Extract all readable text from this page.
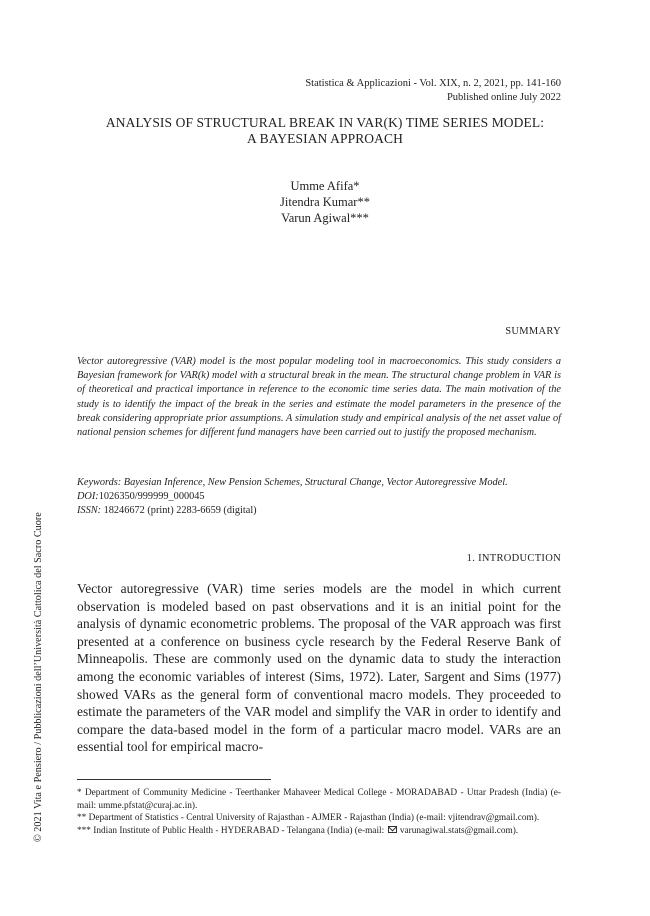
Statistica & Applicazioni - Vol. XIX, n. 2, 2021, pp. 141-160
Published online July 2022
ANALYSIS OF STRUCTURAL BREAK IN VAR(K) TIME SERIES MODEL:
A BAYESIAN APPROACH
Umme Afifa*
Jitendra Kumar**
Varun Agiwal***
SUMMARY
Vector autoregressive (VAR) model is the most popular modeling tool in macroeconomics. This study considers a Bayesian framework for VAR(k) model with a structural break in the mean. The structural change problem in VAR is of theoretical and practical importance in reference to the economic time series data. The main motivation of the study is to identify the impact of the break in the series and estimate the model parameters in the presence of the break considering appropriate prior assumptions. A simulation study and empirical analysis of the net asset value of national pension schemes for different fund managers have been carried out to justify the proposed mechanism.
Keywords: Bayesian Inference, New Pension Schemes, Structural Change, Vector Autoregressive Model.
DOI:1026350/999999_000045
ISSN: 18246672 (print) 2283-6659 (digital)
1. INTRODUCTION
Vector autoregressive (VAR) time series models are the model in which current observation is modeled based on past observations and it is an initial point for the analysis of dynamic econometric problems. The proposal of the VAR approach was first presented at a conference on business cycle research by the Federal Reserve Bank of Minneapolis. These are commonly used on the dynamic data to study the interaction among the economic variables of interest (Sims, 1972). Later, Sargent and Sims (1977) showed VARs as the general form of conventional macro models. They proceeded to estimate the parameters of the VAR model and simplify the VAR in order to identify and compare the data-based model in the form of a particular macro model. VARs are an essential tool for empirical macro-

* Department of Community Medicine - Teerthanker Mahaveer Medical College - MORADABAD - Uttar Pradesh (India) (e-mail: umme.pfstat@curaj.ac.in).

** Department of Statistics - Central University of Rajasthan - AJMER - Rajasthan (India) (e-mail: vjitendrav@gmail.com).

*** Indian Institute of Public Health - HYDERABAD - Telangana (India) (e-mail:  varunagiwal.stats@gmail.com).

© 2021 Vita e Pensiero / Pubblicazioni dell’Università Cattolica del Sacro Cuore
